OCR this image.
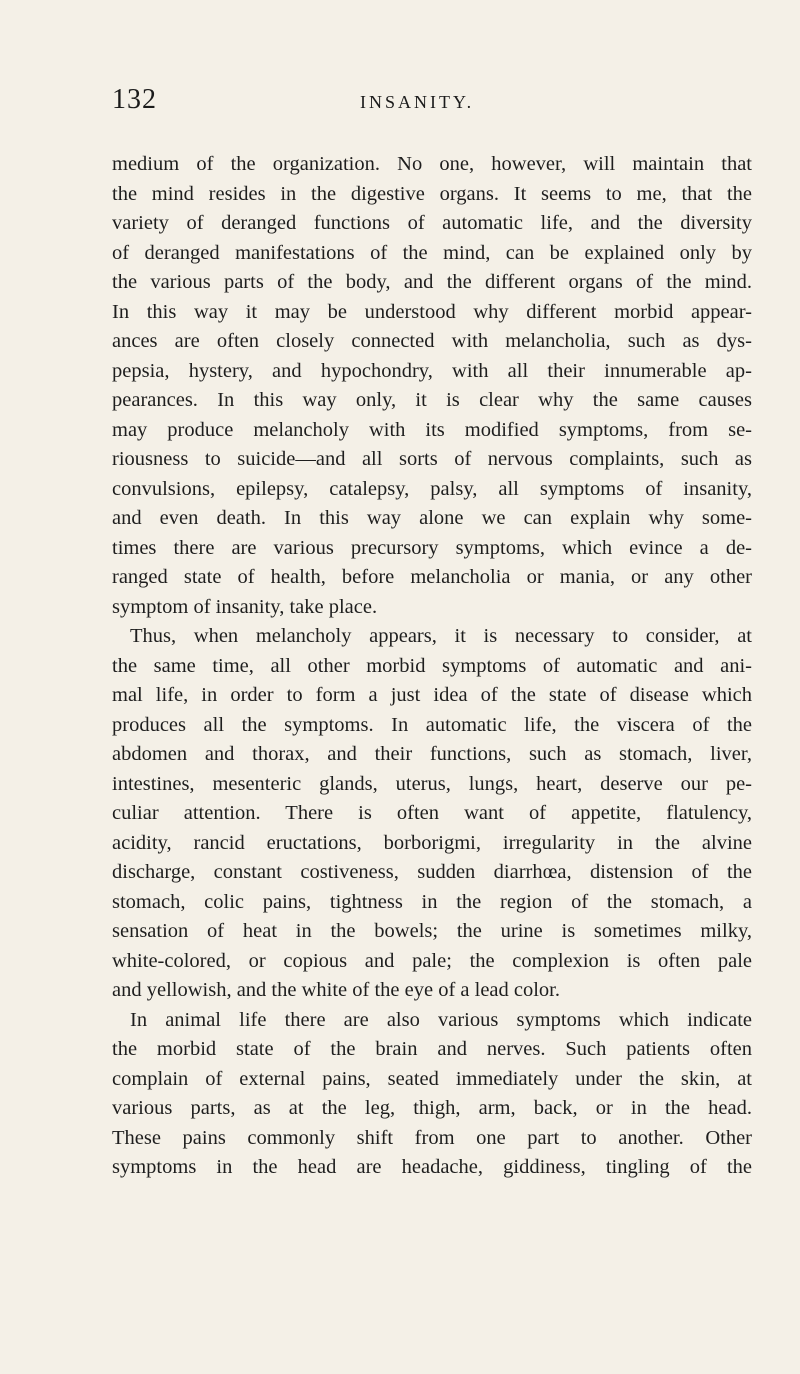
132	INSANITY.
medium of the organization. No one, however, will maintain that
the mind resides in the digestive organs. It seems to me, that the
variety of deranged functions of automatic life, and the diversity
of deranged manifestations of the mind, can be explained only by
the various parts of the body, and the different organs of the mind.
In this way it may be understood why different morbid appear-
ances are often closely connected with melancholia, such as dys-
pepsia, hystery, and hypochondry, with all their innumerable ap-
pearances. In this way only, it is clear why the same causes
may produce melancholy with its modified symptoms, from se-
riousness to suicide—and all sorts of nervous complaints, such as
convulsions, epilepsy, catalepsy, palsy, all symptoms of insanity,
and even death. In this way alone we can explain why some-
times there are various precursory symptoms, which evince a de-
ranged state of health, before melancholia or mania, or any other
symptom of insanity, take place.
Thus, when melancholy appears, it is necessary to consider, at
the same time, all other morbid symptoms of automatic and ani-
mal life, in order to form a just idea of the state of disease which
produces all the symptoms. In automatic life, the viscera of the
abdomen and thorax, and their functions, such as stomach, liver,
intestines, mesenteric glands, uterus, lungs, heart, deserve our pe-
culiar attention. There is often want of appetite, flatulency,
acidity, rancid eructations, borborigmi, irregularity in the alvine
discharge, constant costiveness, sudden diarrhœa, distension of the
stomach, colic pains, tightness in the region of the stomach, a
sensation of heat in the bowels; the urine is sometimes milky,
white-colored, or copious and pale; the complexion is often pale
and yellowish, and the white of the eye of a lead color.
In animal life there are also various symptoms which indicate
the morbid state of the brain and nerves. Such patients often
complain of external pains, seated immediately under the skin, at
various parts, as at the leg, thigh, arm, back, or in the head.
These pains commonly shift from one part to another. Other
symptoms in the head are headache, giddiness, tingling of the
